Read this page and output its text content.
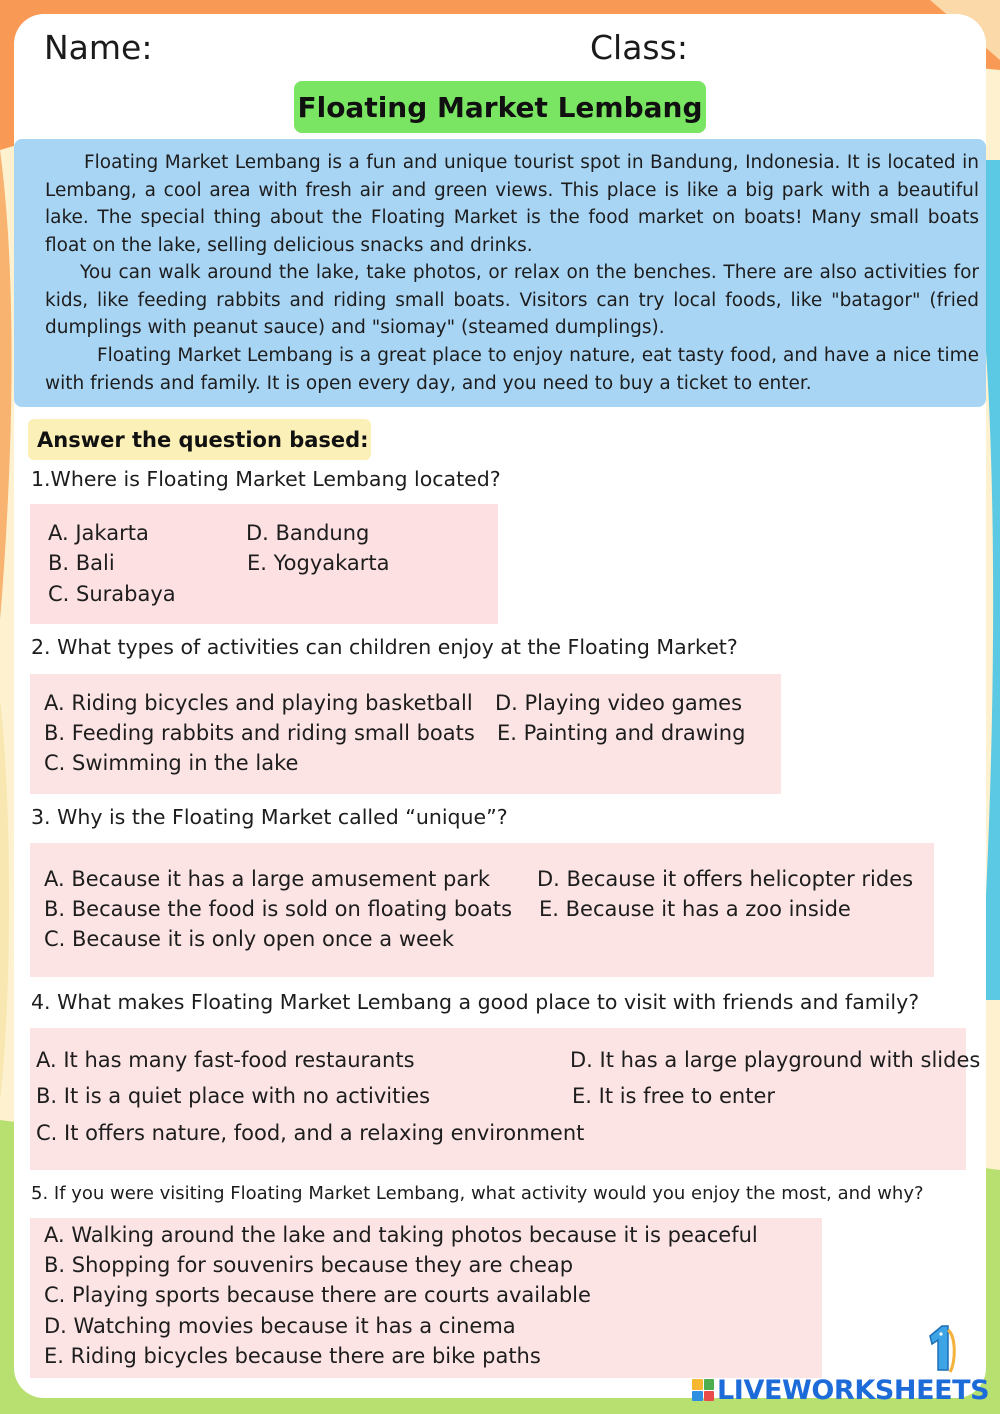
Name:	Class:
Floating Market Lembang

Floating Market Lembang is a fun and unique tourist spot in Bandung, Indonesia. It is located in Lembang, a cool area with fresh air and green views. This place is like a big park with a beautiful lake. The special thing about the Floating Market is the food market on boats! Many small boats float on the lake, selling delicious snacks and drinks.

You can walk around the lake, take photos, or relax on the benches. There are also activities for kids, like feeding rabbits and riding small boats. Visitors can try local foods, like "batagor" (fried dumplings with peanut sauce) and "siomay" (steamed dumplings).

Floating Market Lembang is a great place to enjoy nature, eat tasty food, and have a nice time with friends and family. It is open every day, and you need to buy a ticket to enter.

Answer the question based:
1.Where is Floating Market Lembang located?
A. Jakarta
B. Bali
C. Surabaya
D. Bandung
E. Yogyakarta
2. What types of activities can children enjoy at the Floating Market?
A. Riding bicycles and playing basketball
B. Feeding rabbits and riding small boats
C. Swimming in the lake
D. Playing video games
E. Painting and drawing
3. Why is the Floating Market called “unique”?
A. Because it has a large amusement park
B. Because the food is sold on floating boats
C. Because it is only open once a week
D. Because it offers helicopter rides
E. Because it has a zoo inside
4. What makes Floating Market Lembang a good place to visit with friends and family?
A. It has many fast-food restaurants
B. It is a quiet place with no activities
C. It offers nature, food, and a relaxing environment
D. It has a large playground with slides
E. It is free to enter
5. If you were visiting Floating Market Lembang, what activity would you enjoy the most, and why?
A. Walking around the lake and taking photos because it is peaceful
B. Shopping for souvenirs because they are cheap
C. Playing sports because there are courts available
D. Watching movies because it has a cinema
E. Riding bicycles because there are bike paths
LIVEWORKSHEETS
